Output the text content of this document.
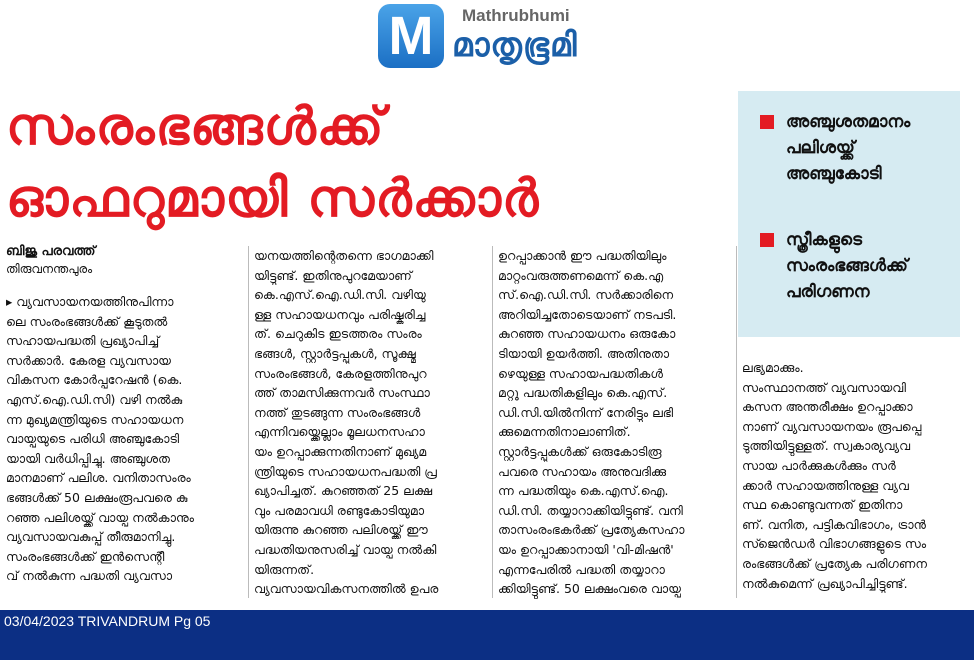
M	Mathrubhumi
മാതൃഭൂമി
സംരംഭങ്ങൾക്ക്
ഓഫറുമായി സർക്കാർ
അഞ്ചുശതമാനം
പലിശയ്ക്ക്
അഞ്ചുകോടി
സ്ത്രീകളുടെ
സംരംഭങ്ങൾക്ക്
പരിഗണന
ബിജു പരവത്ത്
തിരുവനന്തപുരം
▸ വ്യവസായനയത്തിനുപിന്നാ
ലെ സംരംഭങ്ങൾക്ക് കൂടുതൽ
സഹായപദ്ധതി പ്രഖ്യാപിച്ച്
സർക്കാർ. കേരള വ്യവസായ
വികസന കോർപ്പറേഷൻ (കെ.
എസ്.ഐ.ഡി.സി) വഴി നൽകു
ന്ന മുഖ്യമന്ത്രിയുടെ സഹായധന
വായ്പയുടെ പരിധി അഞ്ചുകോടി
യായി വർധിപ്പിച്ചു. അഞ്ചുശത
മാനമാണ് പലിശ. വനിതാസംരം
ഭങ്ങൾക്ക് 50 ലക്ഷംരൂപവരെ കു
റഞ്ഞ പലിശയ്ക്ക് വായ്പ നൽകാനും
വ്യവസായവകുപ്പ് തീരുമാനിച്ചു.
സംരംഭങ്ങൾക്ക് ഇൻസെന്റീ
വ് നൽകുന്ന പദ്ധതി വ്യവസാ
യനയത്തിന്റെതന്നെ ഭാഗമാക്കി
യിട്ടുണ്ട്. ഇതിനുപുറമേയാണ്
കെ.എസ്.ഐ.ഡി.സി. വഴിയു
ള്ള സഹായധനവും പരിഷ്കരിച്ച
ത്. ചെറുകിട ഇടത്തരം സംരം
ഭങ്ങൾ, സ്റ്റാർട്ടപ്പുകൾ, സൂക്ഷ്മ
സംരംഭങ്ങൾ, കേരളത്തിനുപുറ
ത്ത് താമസിക്കുന്നവർ സംസ്ഥാ
നത്ത് തുടങ്ങുന്ന സംരംഭങ്ങൾ
എന്നിവയ്ക്കെല്ലാം മൂലധനസഹാ
യം ഉറപ്പാക്കുന്നതിനാണ് മുഖ്യമ
ന്ത്രിയുടെ സഹായധനപദ്ധതി പ്ര
ഖ്യാപിച്ചത്. കുറഞ്ഞത് 25 ലക്ഷ
വും പരമാവധി രണ്ടുകോടിയുമാ
യിരുന്നു കുറഞ്ഞ പലിശയ്ക്ക് ഈ
പദ്ധതിയനുസരിച്ച് വായ്പ നൽകി
യിരുന്നത്.
വ്യവസായവികസനത്തിൽ ഉപര
ഉറപ്പാക്കാൻ ഈ പദ്ധതിയിലും
മാറ്റംവരുത്തണമെന്ന് കെ.എ
സ്.ഐ.ഡി.സി. സർക്കാരിനെ
അറിയിച്ചതോടെയാണ് നടപടി.
കുറഞ്ഞ സഹായധനം ഒരുകോ
ടിയായി ഉയർത്തി. അതിനുതാ
ഴെയുള്ള സഹായപദ്ധതികൾ
മറ്റു പദ്ധതികളിലും കെ.എസ്.
ഡി.സി.യിൽനിന്ന് നേരിട്ടും ലഭി
ക്കുമെന്നതിനാലാണിത്.
സ്റ്റാർട്ടപ്പുകൾക്ക് ഒരുകോടിരൂ
പവരെ സഹായം അനുവദിക്കു
ന്ന പദ്ധതിയും കെ.എസ്.ഐ.
ഡി.സി. തയ്യാറാക്കിയിട്ടുണ്ട്. വനി
താസംരംഭകർക്ക് പ്രത്യേകസഹാ
യം ഉറപ്പാക്കാനായി 'വി-മിഷൻ'
എന്നപേരിൽ പദ്ധതി തയ്യാറാ
ക്കിയിട്ടുണ്ട്. 50 ലക്ഷംവരെ വായ്പ
ലഭ്യമാക്കും.
സംസ്ഥാനത്ത് വ്യവസായവി
കസന അന്തരീക്ഷം ഉറപ്പാക്കാ
നാണ് വ്യവസായനയം രൂപപ്പെ
ടുത്തിയിട്ടുള്ളത്. സ്വകാര്യവ്യവ
സായ പാർക്കുകൾക്കും സർ
ക്കാർ സഹായത്തിനുള്ള വ്യവ
സ്ഥ കൊണ്ടുവന്നത് ഇതിനാ
ണ്. വനിത, പട്ടികവിഭാഗം, ട്രാൻ
സ്ജെൻഡർ വിഭാഗങ്ങളുടെ സം
രംഭങ്ങൾക്ക് പ്രത്യേക പരിഗണന
നൽകുമെന്ന് പ്രഖ്യാപിച്ചിട്ടുണ്ട്.
03/04/2023 TRIVANDRUM Pg 05
